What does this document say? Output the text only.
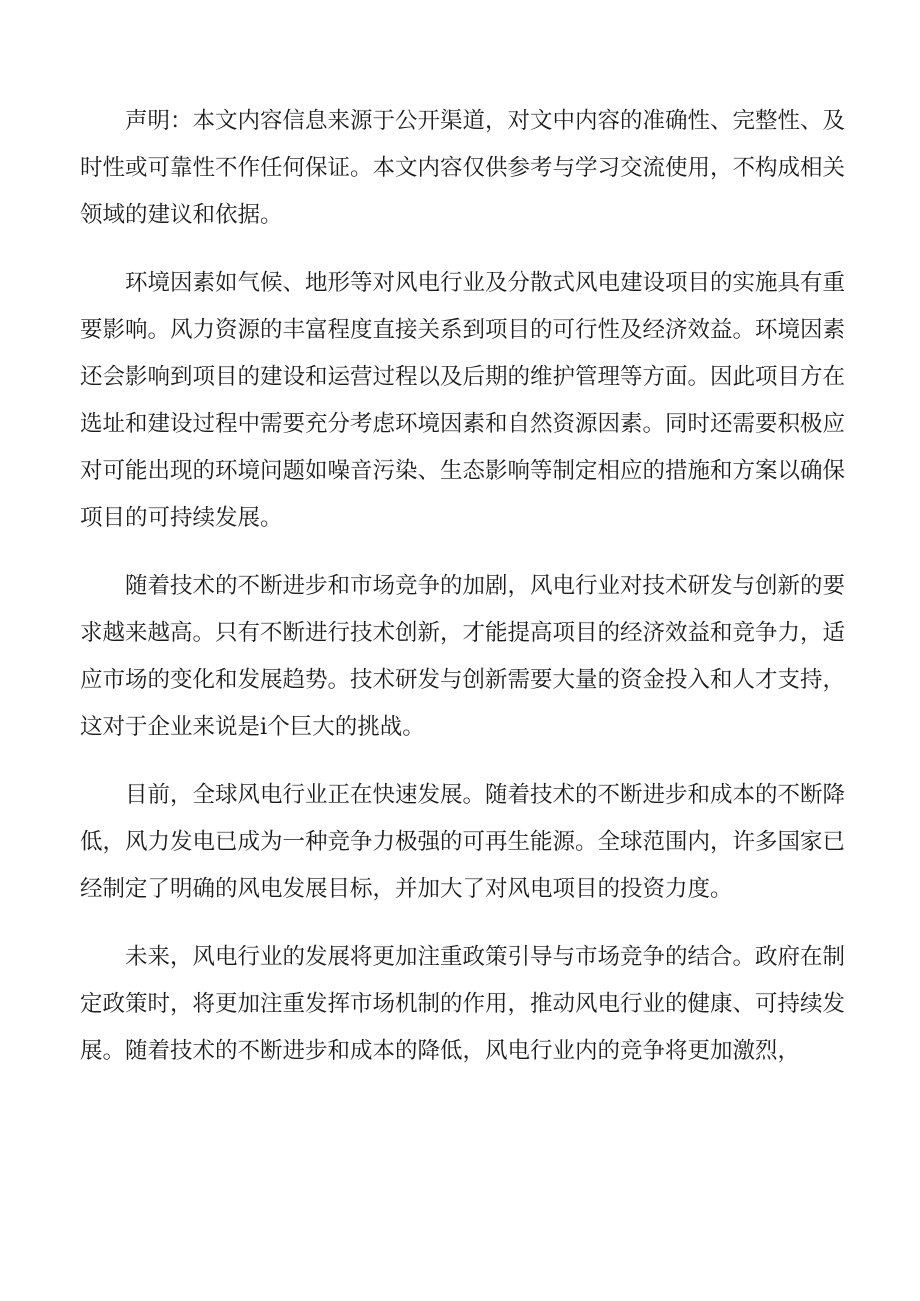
声明：本文内容信息来源于公开渠道，对文中内容的准确性、完整性、及时性或可靠性不作任何保证。本文内容仅供参考与学习交流使用，不构成相关领域的建议和依据。

环境因素如气候、地形等对风电行业及分散式风电建设项目的实施具有重要影响。风力资源的丰富程度直接关系到项目的可行性及经济效益。环境因素还会影响到项目的建设和运营过程以及后期的维护管理等方面。因此项目方在选址和建设过程中需要充分考虑环境因素和自然资源因素。同时还需要积极应对可能出现的环境问题如噪音污染、生态影响等制定相应的措施和方案以确保项目的可持续发展。

随着技术的不断进步和市场竞争的加剧，风电行业对技术研发与创新的要求越来越高。只有不断进行技术创新，才能提高项目的经济效益和竞争力，适应市场的变化和发展趋势。技术研发与创新需要大量的资金投入和人才支持，这对于企业来说是i个巨大的挑战。

目前，全球风电行业正在快速发展。随着技术的不断进步和成本的不断降低，风力发电已成为一种竞争力极强的可再生能源。全球范围内，许多国家已经制定了明确的风电发展目标，并加大了对风电项目的投资力度。

未来，风电行业的发展将更加注重政策引导与市场竞争的结合。政府在制定政策时，将更加注重发挥市场机制的作用，推动风电行业的健康、可持续发展。随着技术的不断进步和成本的降低，风电行业内的竞争将更加激烈，
